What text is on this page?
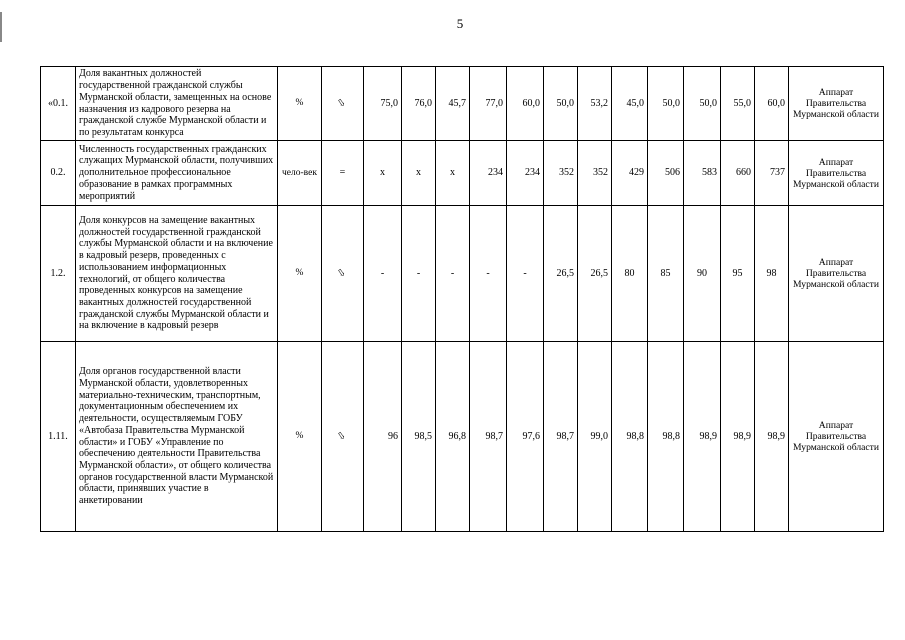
5
«0.1.	Доля вакантных должностей государственной гражданской службы Мурманской области, замещенных на основе назначения из кадрового резерва на гражданской службе Мурманской области и по результатам конкурса	%	⇩	75,0	76,0	45,7	77,0	60,0	50,0	53,2	45,0	50,0	50,0	55,0	60,0	Аппарат Правительства Мурманской области
0.2.	Численность государственных гражданских служащих Мурманской области, получивших дополнительное профессиональное образование в рамках программных мероприятий	чело-век	=	х	х	х	234	234	352	352	429	506	583	660	737	Аппарат Правительства Мурманской области
1.2.	Доля конкурсов на замещение вакантных должностей государственной гражданской службы Мурманской области и на включение в кадровый резерв, проведенных с использованием информационных технологий, от общего количества проведенных конкурсов на замещение вакантных должностей государственной гражданской службы Мурманской области и на включение в кадровый резерв	%	⇩	-	-	-	-	-	26,5	26,5	80	85	90	95	98	Аппарат Правительства Мурманской области
1.11.	Доля органов государственной власти Мурманской области, удовлетворенных материально-техническим, транспортным, документационным обеспечением их деятельности, осуществляемым ГОБУ «Автобаза Правительства Мурманской области» и ГОБУ «Управление по обеспечению деятельности Правительства Мурманской области», от общего количества органов государственной власти Мурманской области, принявших участие в анкетировании	%	⇩	96	98,5	96,8	98,7	97,6	98,7	99,0	98,8	98,8	98,9	98,9	98,9	Аппарат Правительства Мурманской области
